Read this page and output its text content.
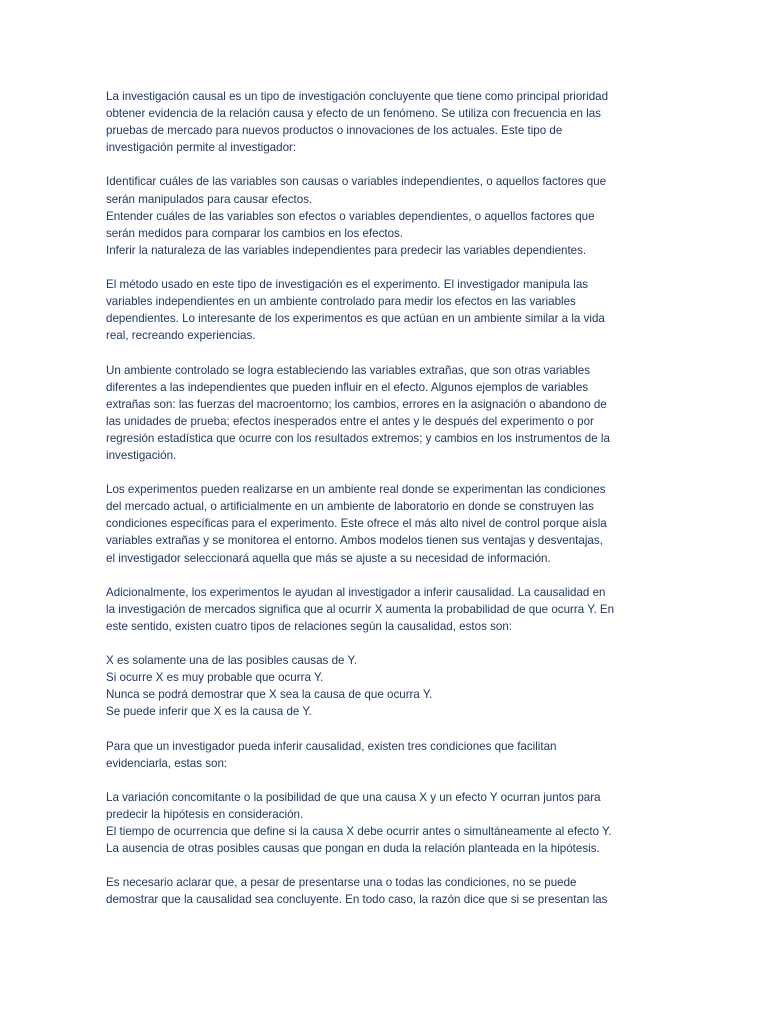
La investigación causal es un tipo de investigación concluyente que tiene como principal prioridad
obtener evidencia de la relación causa y efecto de un fenómeno. Se utiliza con frecuencia en las
pruebas de mercado para nuevos productos o innovaciones de los actuales. Este tipo de
investigación permite al investigador:

Identificar cuáles de las variables son causas o variables independientes, o aquellos factores que
serán manipulados para causar efectos.
Entender cuáles de las variables son efectos o variables dependientes, o aquellos factores que
serán medidos para comparar los cambios en los efectos.
Inferir la naturaleza de las variables independientes para predecir las variables dependientes.

El método usado en este tipo de investigación es el experimento. El investigador manipula las
variables independientes en un ambiente controlado para medir los efectos en las variables
dependientes. Lo interesante de los experimentos es que actúan en un ambiente similar a la vida
real, recreando experiencias.

Un ambiente controlado se logra estableciendo las variables extrañas, que son otras variables
diferentes a las independientes que pueden influir en el efecto. Algunos ejemplos de variables
extrañas son: las fuerzas del macroentorno; los cambios, errores en la asignación o abandono de
las unidades de prueba; efectos inesperados entre el antes y le después del experimento o por
regresión estadística que ocurre con los resultados extremos; y cambios en los instrumentos de la
investigación.

Los experimentos pueden realizarse en un ambiente real donde se experimentan las condiciones
del mercado actual, o artificialmente en un ambiente de laboratorio en donde se construyen las
condiciones específicas para el experimento. Este ofrece el más alto nivel de control porque aísla
variables extrañas y se monitorea el entorno. Ambos modelos tienen sus ventajas y desventajas,
el investigador seleccionará aquella que más se ajuste a su necesidad de información.

Adicionalmente, los experimentos le ayudan al investigador a inferir causalidad. La causalidad en
la investigación de mercados significa que al ocurrir X aumenta la probabilidad de que ocurra Y. En
este sentido, existen cuatro tipos de relaciones según la causalidad, estos son:

X es solamente una de las posibles causas de Y.
Si ocurre X es muy probable que ocurra Y.
Nunca se podrá demostrar que X sea la causa de que ocurra Y.
Se puede inferir que X es la causa de Y.

Para que un investigador pueda inferir causalidad, existen tres condiciones que facilitan
evidenciarla, estas son:

La variación concomitante o la posibilidad de que una causa X y un efecto Y ocurran juntos para
predecir la hipótesis en consideración.
El tiempo de ocurrencia que define si la causa X debe ocurrir antes o simultáneamente al efecto Y.
La ausencia de otras posibles causas que pongan en duda la relación planteada en la hipótesis.

Es necesario aclarar que, a pesar de presentarse una o todas las condiciones, no se puede
demostrar que la causalidad sea concluyente. En todo caso, la razón dice que si se presentan las
